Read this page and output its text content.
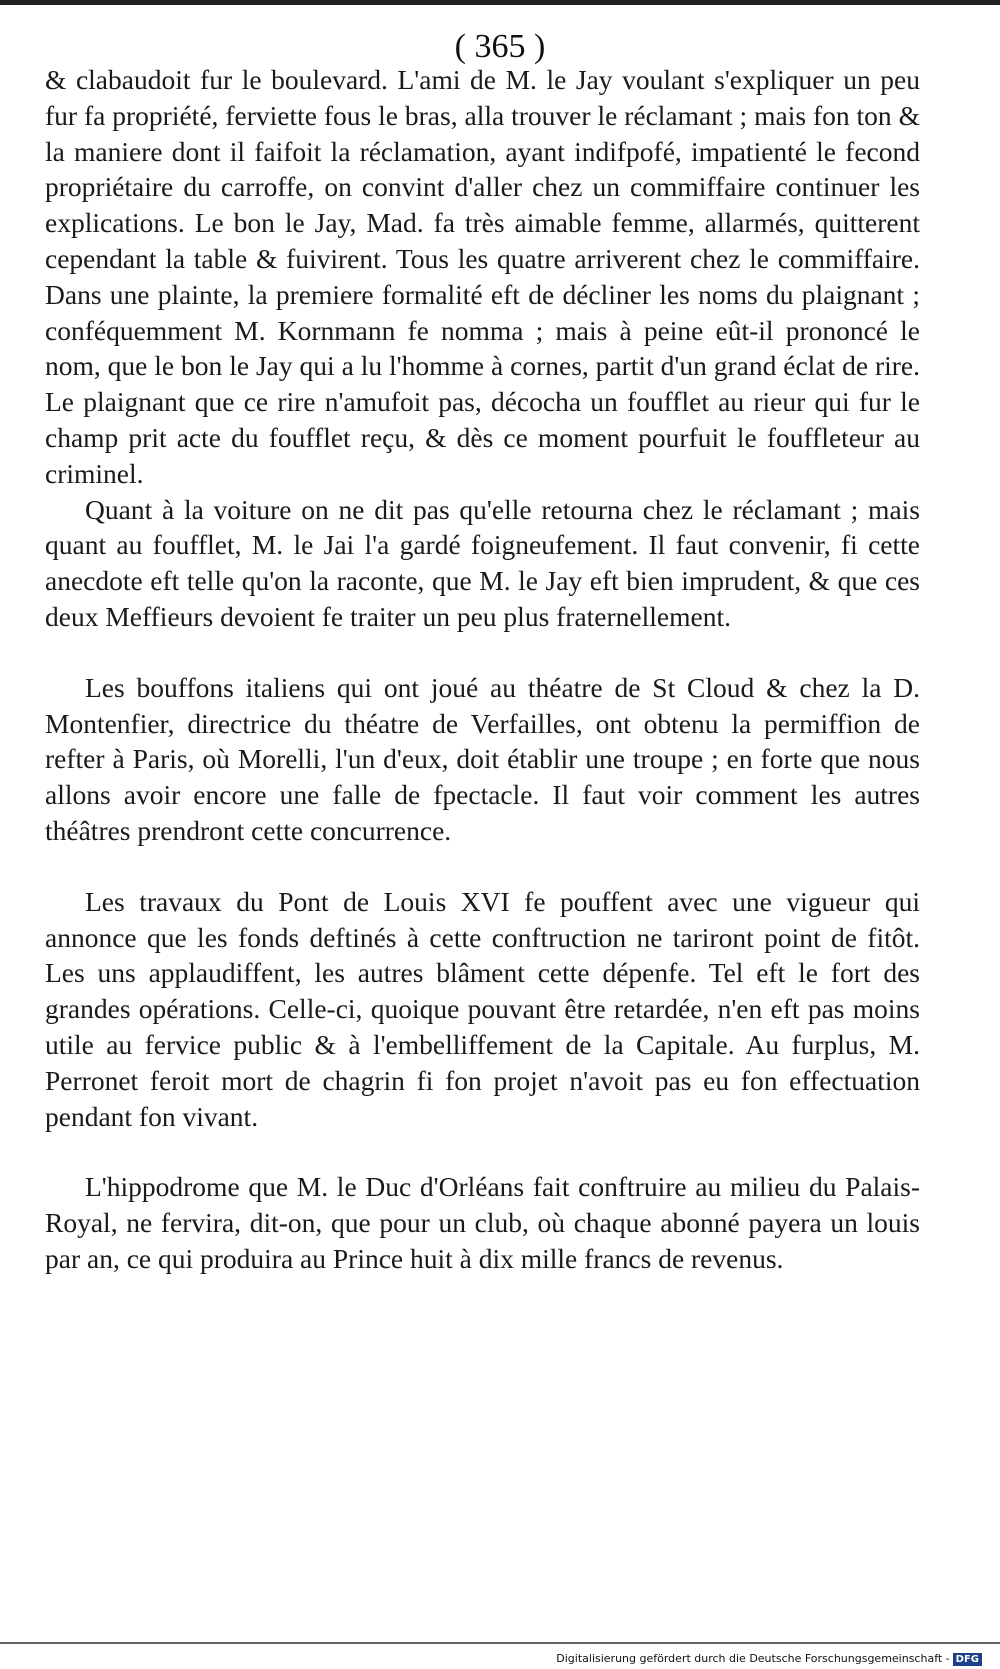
( 365 )

& clabaudoit fur le boulevard. L'ami de M. le Jay voulant s'expliquer un peu fur fa propriété, ferviette fous le bras, alla trouver le réclamant ; mais fon ton & la maniere dont il faifoit la réclamation, ayant indifpofé, impatienté le fecond propriétaire du carroffe, on convint d'aller chez un commiffaire continuer les explications. Le bon le Jay, Mad. fa très aimable femme, allarmés, quitterent cependant la table & fuivirent. Tous les quatre arriverent chez le commiffaire. Dans une plainte, la premiere formalité eft de décliner les noms du plaignant ; conféquemment M. Kornmann fe nomma ; mais à peine eût-il prononcé le nom, que le bon le Jay qui a lu l'homme à cornes, partit d'un grand éclat de rire. Le plaignant que ce rire n'amufoit pas, décocha un foufflet au rieur qui fur le champ prit acte du foufflet reçu, & dès ce moment pourfuit le fouffleteur au criminel.

Quant à la voiture on ne dit pas qu'elle retourna chez le réclamant ; mais quant au foufflet, M. le Jai l'a gardé foigneufement. Il faut convenir, fi cette anecdote eft telle qu'on la raconte, que M. le Jay eft bien imprudent, & que ces deux Meffieurs devoient fe traiter un peu plus fraternellement.

Les bouffons italiens qui ont joué au théatre de St Cloud & chez la D. Montenfier, directrice du théatre de Verfailles, ont obtenu la permiffion de refter à Paris, où Morelli, l'un d'eux, doit établir une troupe ; en forte que nous allons avoir encore une falle de fpectacle. Il faut voir comment les autres théâtres prendront cette concurrence.

Les travaux du Pont de Louis XVI fe pouffent avec une vigueur qui annonce que les fonds deftinés à cette conftruction ne tariront point de fitôt. Les uns applaudiffent, les autres blâment cette dépenfe. Tel eft le fort des grandes opérations. Celle-ci, quoique pouvant être retardée, n'en eft pas moins utile au fervice public & à l'embelliffement de la Capitale. Au furplus, M. Perronet feroit mort de chagrin fi fon projet n'avoit pas eu fon effectuation pendant fon vivant.

L'hippodrome que M. le Duc d'Orléans fait conftruire au milieu du Palais-Royal, ne fervira, dit-on, que pour un club, où chaque abonné payera un louis par an, ce qui produira au Prince huit à dix mille francs de revenus.

Digitalisierung gefördert durch die Deutsche Forschungsgemeinschaft - DFG
